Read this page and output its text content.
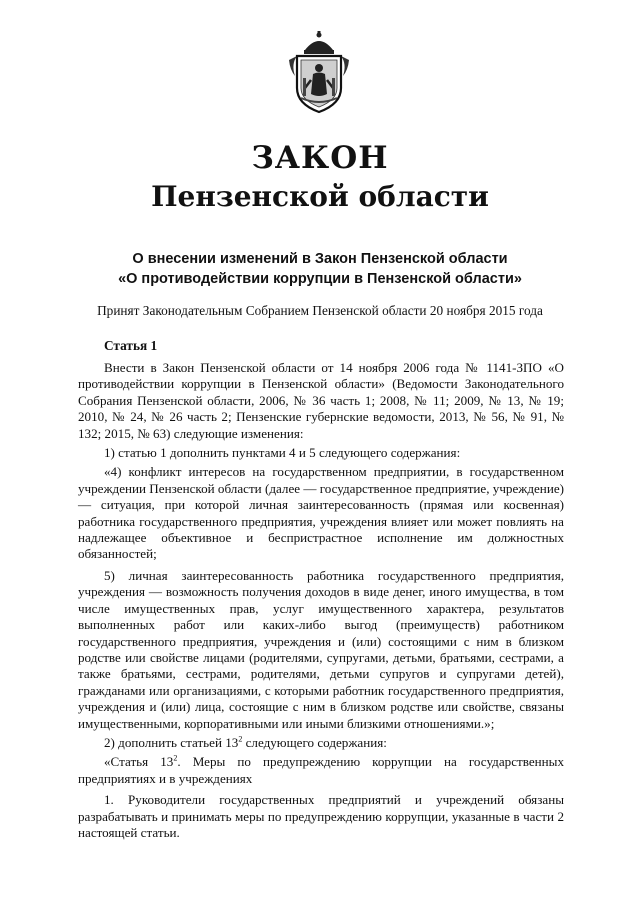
ЗАКОН
Пензенской области
О внесении изменений в Закон Пензенской области
«О противодействии коррупции в Пензенской области»
Принят Законодательным Собранием Пензенской области 20 ноября 2015 года
Статья 1

Внести в Закон Пензенской области от 14 ноября 2006 года № 1141-ЗПО «О противодействии коррупции в Пензенской области» (Ведомости Законодательного Собрания Пензенской области, 2006, № 36 часть 1; 2008, № 11; 2009, № 13, № 19; 2010, № 24, № 26 часть 2; Пензенские губернские ведомости, 2013, № 56, № 91, № 132; 2015, № 63) следующие изменения:

1) статью 1 дополнить пунктами 4 и 5 следующего содержания:

«4) конфликт интересов на государственном предприятии, в государственном учреждении Пензенской области (далее — государственное предприятие, учреждение) — ситуация, при которой личная заинтересованность (прямая или косвенная) работника государственного предприятия, учреждения влияет или может повлиять на надлежащее объективное и беспристрастное исполнение им должностных обязанностей;

5) личная заинтересованность работника государственного предприятия, учреждения — возможность получения доходов в виде денег, иного имущества, в том числе имущественных прав, услуг имущественного характера, результатов выполненных работ или каких-либо выгод (преимуществ) работником государственного предприятия, учреждения и (или) состоящими с ним в близком родстве или свойстве лицами (родителями, супругами, детьми, братьями, сестрами, а также братьями, сестрами, родителями, детьми супругов и супругами детей), гражданами или организациями, с которыми работник государственного предприятия, учреждения и (или) лица, состоящие с ним в близком родстве или свойстве, связаны имущественными, корпоративными или иными близкими отношениями.»;

2) дополнить статьей $13^2$ следующего содержания:

«Статья $13^2$. Меры по предупреждению коррупции на государственных предприятиях и в учреждениях

1. Руководители государственных предприятий и учреждений обязаны разрабатывать и принимать меры по предупреждению коррупции, указанные в части 2 настоящей статьи.
